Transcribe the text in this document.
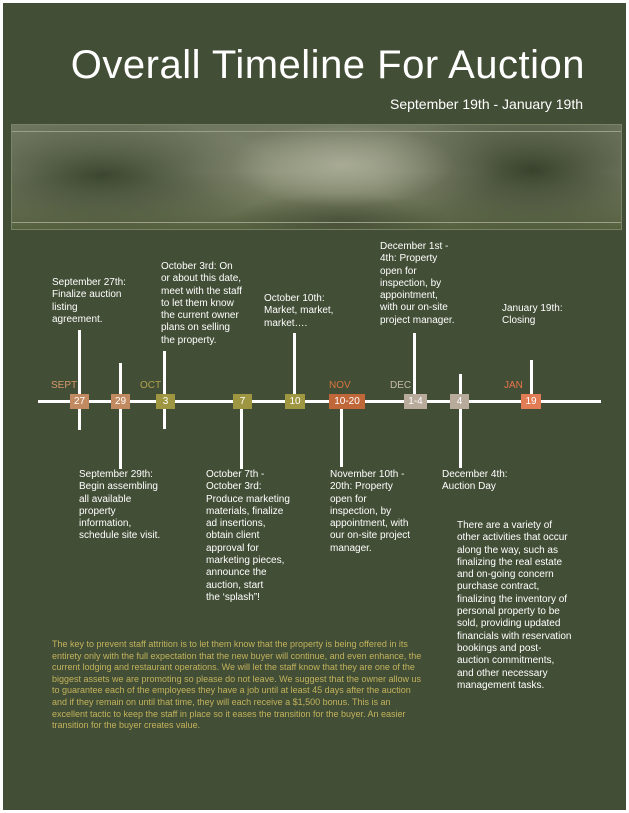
Overall Timeline For Auction
September 19th - January 19th
SEPT	OCT	NOV	DEC	JAN
27	29	3	7	10	10-20	1-4	4	19
September 27th:
Finalize auction
listing
agreement.
October 3rd: On
or about this date,
meet with the staff
to let them know
the current owner
plans on selling
the property.
October 10th:
Market, market,
market….
December 1st -
4th: Property
open for
inspection, by
appointment,
with our on-site
project manager.
January 19th:
Closing
September 29th:
Begin assembling
all available
property
information,
schedule site visit.
October 7th -
October 3rd:
Produce marketing
materials, finalize
ad insertions,
obtain client
approval for
marketing pieces,
announce the
auction, start
the ‘splash”!
November 10th -
20th: Property
open for
inspection, by
appointment, with
our on-site project
manager.
December 4th:
Auction Day
There are a variety of
other activities that occur
along the way, such as
finalizing the real estate
and on-going concern
purchase contract,
finalizing the inventory of
personal property to be
sold, providing updated
financials with reservation
bookings and post-
auction commitments,
and other necessary
management tasks.
The key to prevent staff attrition is to let them know that the property is being offered in its entirety only with the full expectation that the new buyer will continue, and even enhance, the current lodging and restaurant operations. We will let the staff know that they are one of the biggest assets we are promoting so please do not leave. We suggest that the owner allow us to guarantee each of the employees they have a job until at least 45 days after the auction and if they remain on until that time, they will each receive a $1,500 bonus. This is an excellent tactic to keep the staff in place so it eases the transition for the buyer. An easier transition for the buyer creates value.
